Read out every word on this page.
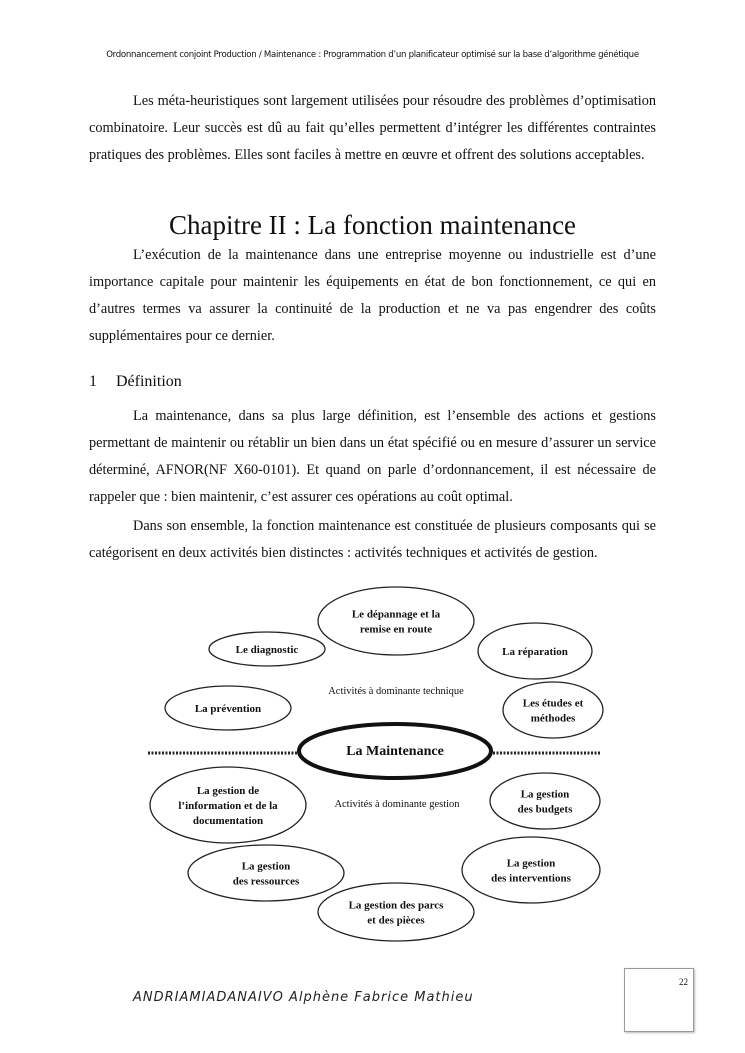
Ordonnancement conjoint Production / Maintenance : Programmation d’un planificateur optimisé sur la base d’algorithme génétique
Les méta-heuristiques sont largement utilisées pour résoudre des problèmes d’optimisation combinatoire. Leur succès est dû au fait qu’elles permettent d’intégrer les différentes contraintes pratiques des problèmes. Elles sont faciles à mettre en œuvre et offrent des solutions acceptables.
Chapitre II : La fonction maintenance
L’exécution de la maintenance dans une entreprise moyenne ou industrielle est d’une importance capitale pour maintenir les équipements en état de bon fonctionnement, ce qui en d’autres termes va assurer la continuité de la production et ne va pas engendrer des coûts supplémentaires pour ce dernier.
1 Définition
La maintenance, dans sa plus large définition, est l’ensemble des actions et gestions permettant de maintenir ou rétablir un bien dans un état spécifié ou en mesure d’assurer un service déterminé, AFNOR(NF X60-0101). Et quand on parle d’ordonnancement, il est nécessaire de rappeler que : bien maintenir, c’est assurer ces opérations au coût optimal.
Dans son ensemble, la fonction maintenance est constituée de plusieurs composants qui se catégorisent en deux activités bien distinctes : activités techniques et activités de gestion.
Le dépannage et la
remise en route
Le diagnostic	La réparation
La prévention	Les études et
méthodes
La gestion de
l’information et de la
documentation
La gestion
des budgets
La gestion
des ressources
La gestion
des interventions
La gestion des parcs
et des pièces
La Maintenance
Activités à dominante technique
Activités à dominante gestion
22
ANDRIAMIADANAIVO Alphène Fabrice Mathieu
